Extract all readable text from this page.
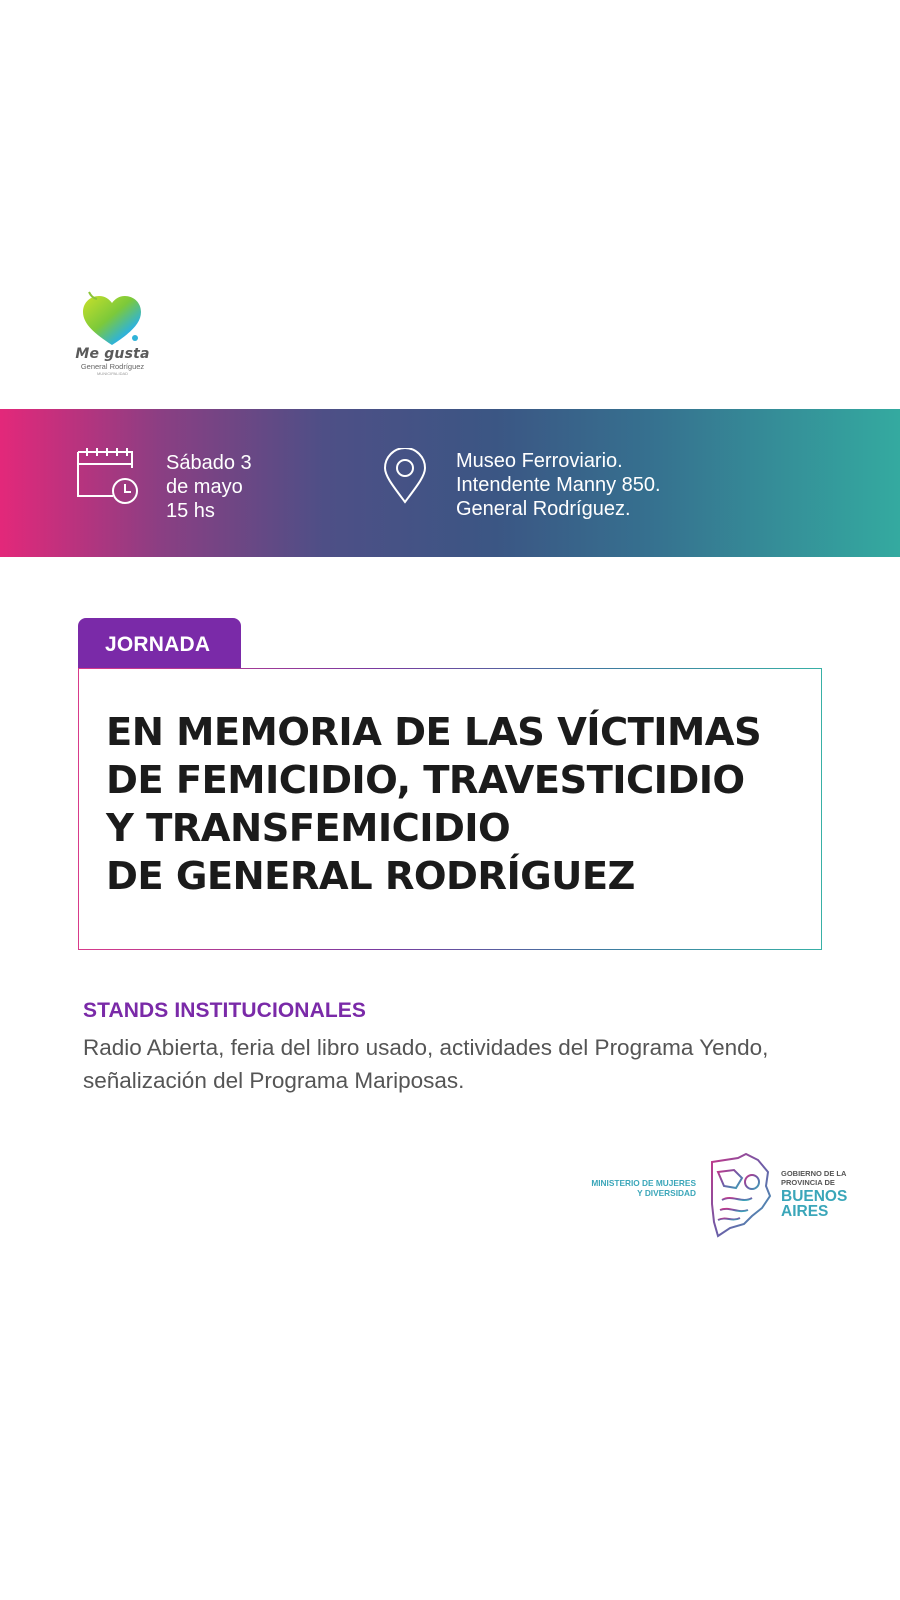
Me gusta
General Rodríguez
MUNICIPALIDAD
Sábado 3
de mayo
15 hs
Museo Ferroviario.
Intendente Manny 850.
General Rodríguez.
JORNADA
EN MEMORIA DE LAS VÍCTIMAS
DE FEMICIDIO, TRAVESTICIDIO
Y TRANSFEMICIDIO
DE GENERAL RODRÍGUEZ
STANDS INSTITUCIONALES
Radio Abierta, feria del libro usado, actividades del Programa Yendo, señalización del Programa Mariposas.
MINISTERIO DE MUJERES
Y DIVERSIDAD
GOBIERNO DE LA
PROVINCIA DE
BUENOS
AIRES
